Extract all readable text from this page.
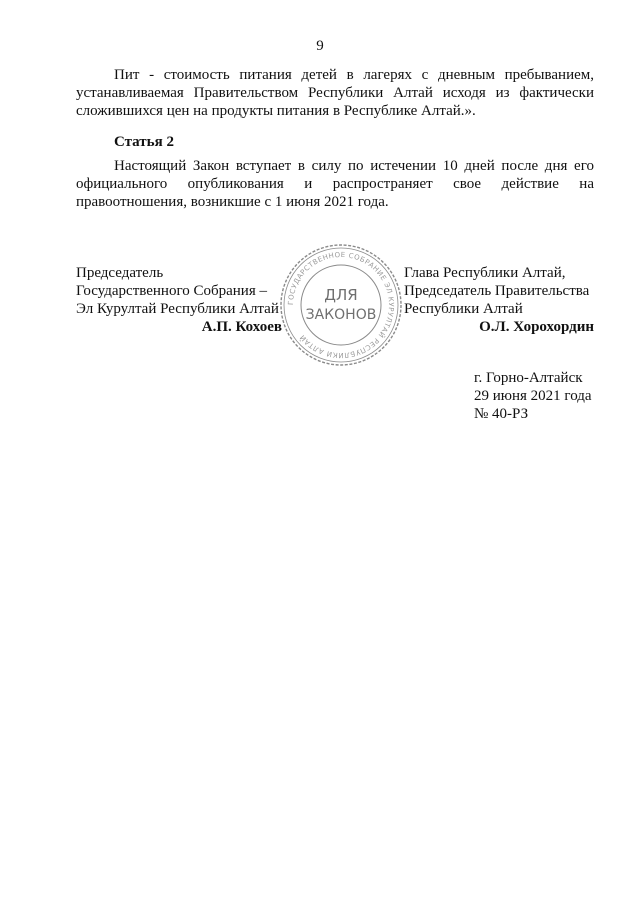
9

Пит - стоимость питания детей в лагерях с дневным пребыванием, устанавливаемая Правительством Республики Алтай исходя из фактически сложившихся цен на продукты питания в Республике Алтай.».

Статья 2

Настоящий Закон вступает в силу по истечении 10 дней после дня его официального опубликования и распространяет свое действие на правоотношения, возникшие с 1 июня 2021 года.

Председатель
Государственного Собрания –
Эл Курултай Республики Алтай
А.П. Кохоев
ГОСУДАРСТВЕННОЕ СОБРАНИЕ ЭЛ КУРУЛТАЙ РЕСПУБЛИКИ АЛТАЙ
ДЛЯ
ЗАКОНОВ
Глава Республики Алтай,
Председатель Правительства
Республики Алтай
О.Л. Хорохордин
г. Горно-Алтайск
29 июня 2021 года
№ 40-РЗ
